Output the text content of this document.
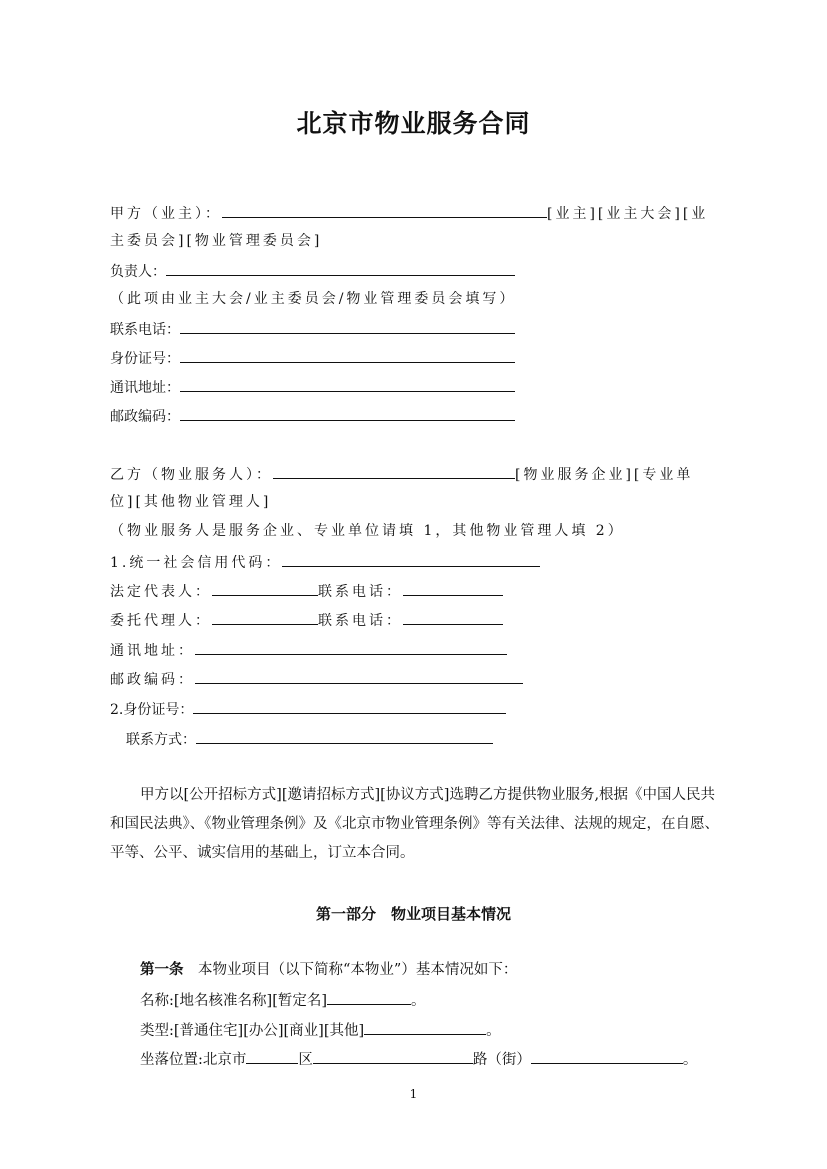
北京市物业服务合同
甲方（业主）：	[业主][业主大会][业
主委员会][物业管理委员会]
负责人：
（此项由业主大会/业主委员会/物业管理委员会填写）
联系电话：
身份证号：
通讯地址：
邮政编码：
乙方（物业服务人）：	[物业服务企业][专业单
位][其他物业管理人]
（物业服务人是服务企业、专业单位请填 1，其他物业管理人填 2）
1.统一社会信用代码：
法定代表人：	联系电话：
委托代理人：	联系电话：
通讯地址：
邮政编码：
2.身份证号：
联系方式：
甲方以[公开招标方式][邀请招标方式][协议方式]选聘乙方提供物业服务,根据《中国人民共和国民法典》、《物业管理条例》及《北京市物业管理条例》等有关法律、法规的规定，在自愿、平等、公平、诚实信用的基础上，订立本合同。
第一部分　物业项目基本情况
第一条　本物业项目（以下简称“本物业”）基本情况如下：
名称:[地名核准名称][暂定名]	。
类型:[普通住宅][办公][商业][其他]	。
坐落位置:北京市	区	路（街）	。
1
